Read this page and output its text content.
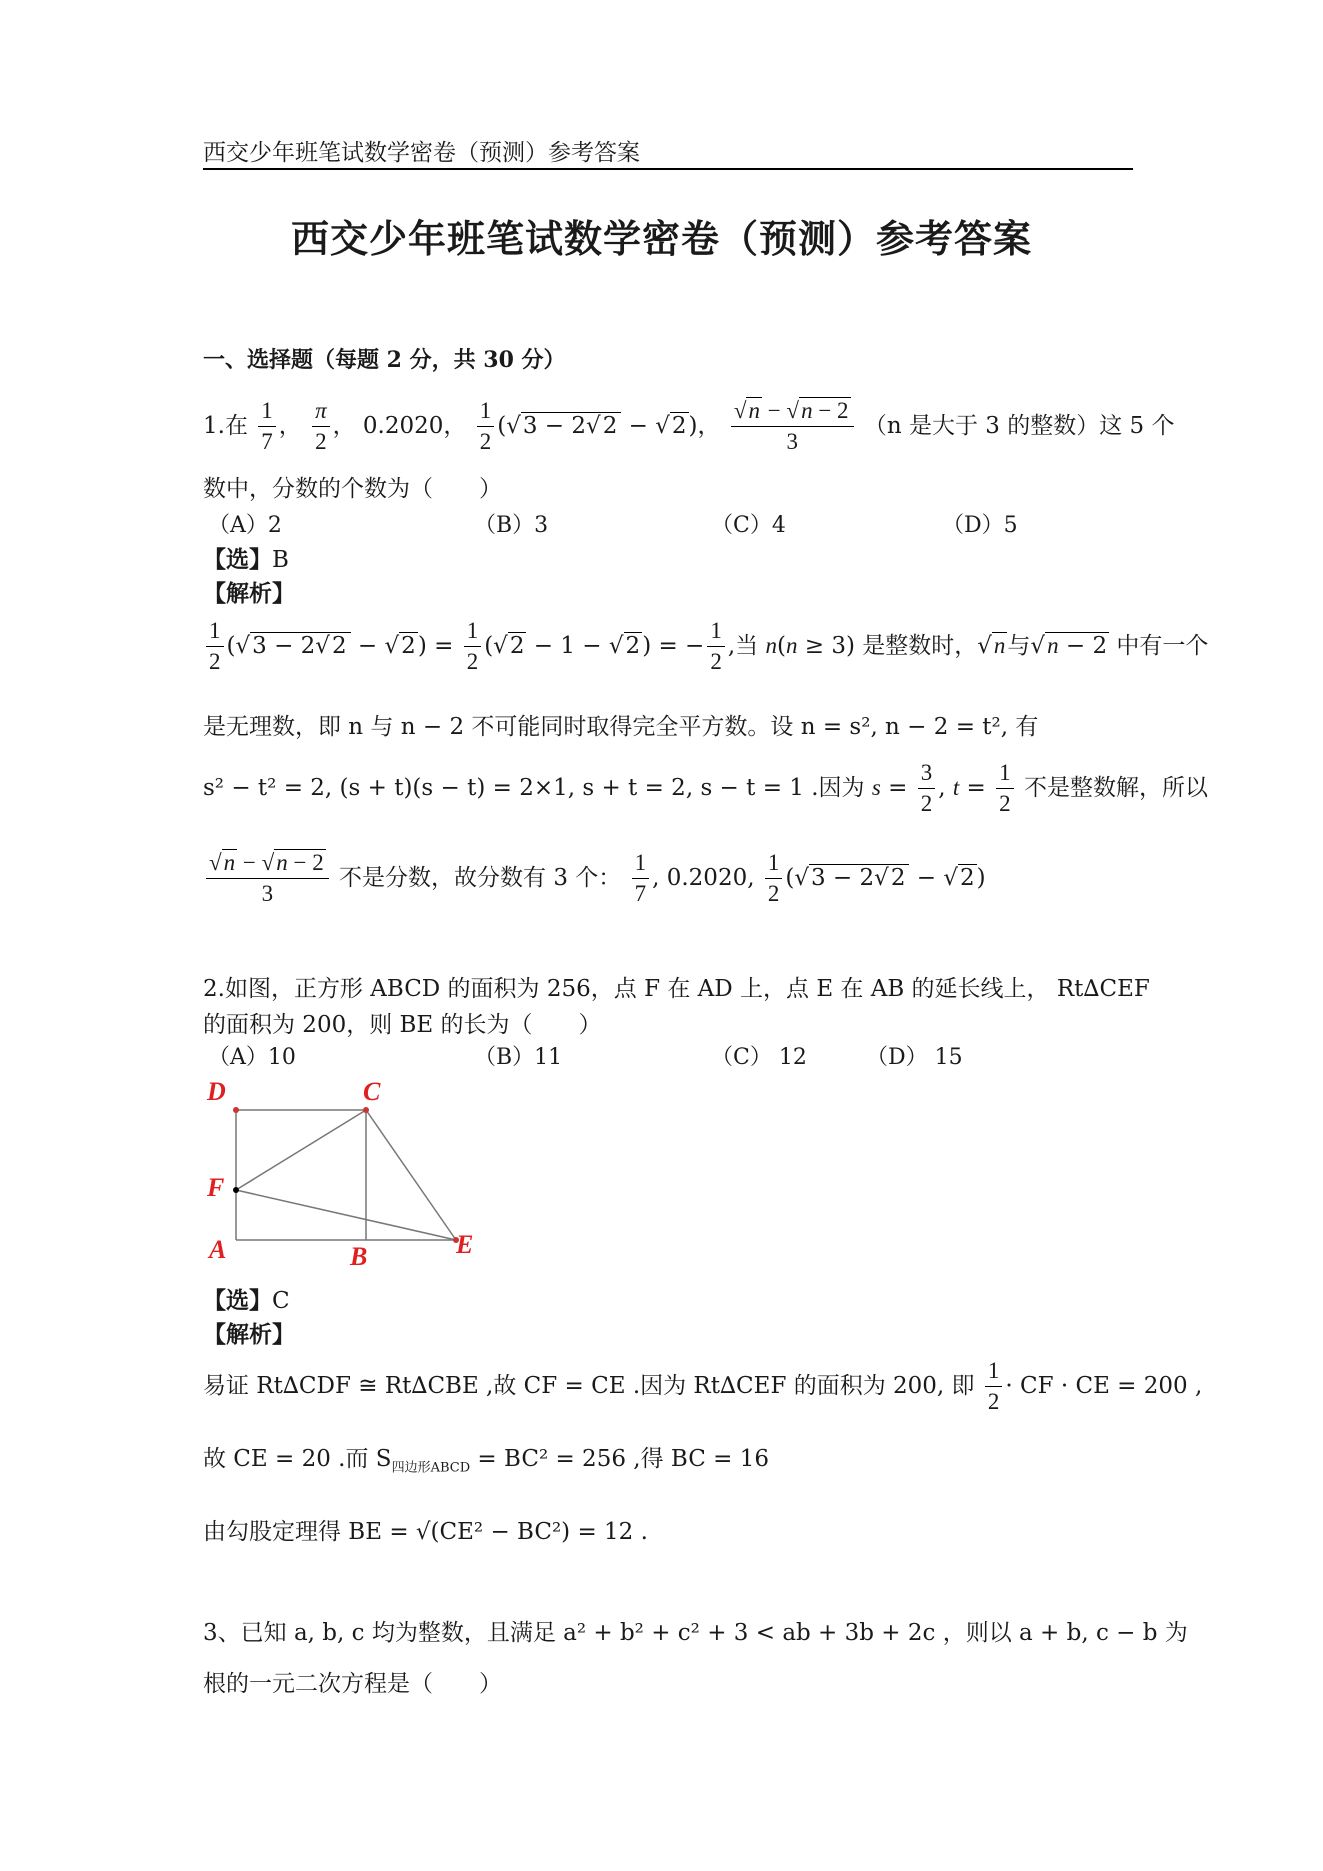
西交少年班笔试数学密卷（预测）参考答案
西交少年班笔试数学密卷（预测）参考答案
一、选择题（每题 2 分，共 30 分）
1.在 $\frac{1}{7}$ ， $\frac{\pi}{2}$ ， 0.2020， $\frac{1}{2} (√3 - 2√2 - √2)$， $\frac{√n - √n - 2}{3} (n$ 是大于 3 的整数）这 5 个
数中，分数的个数为（　　）
（A）2	（B）3	（C）4	（D）5
【选】B
【解析】
$\frac{1}{2} (√3 - 2√2 - √2) = \frac{1}{2} (√2 - 1 - √2)$ = − $\frac{1}{2}$ ,当 n(n ≥ 3) 是整数时，√n与√n − 2 中有一个
是无理数，即 n 与 n − 2 不可能同时取得完全平方数。设 n = s², n − 2 = t², 有
s² − t² = 2, (s + t)(s − t) = 2×1, s + t = 2, s − t = 1 .因为 $s = \frac{3}{2}$ , $t = \frac{1}{2}$ 不是整数解，所以
$\frac{√n - √n - 2}{3}$ 不是分数，故分数有 3 个： $\frac{1}{7}$ , 0.2020, $\frac{1}{2} (√3 - 2√2 - √2)$
2.如图，正方形 ABCD 的面积为 256，点 F 在 AD 上，点 E 在 AB 的延长线上， Rt∆CEF
的面积为 200，则 BE 的长为（　　）
（A）10	（B）11	（C） 12	（D） 15
D	C
F
A	B	E
【选】C
【解析】
易证 Rt∆CDF ≅ Rt∆CBE ,故 CF = CE .因为 Rt∆CEF 的面积为 200, 即 $\frac{1}{2}$ · CF · CE = 200 ,
故 CE = 20 .而 $S_{四边形ABCD} = BC^2 = 256$ ,得 BC = 16
由勾股定理得 BE = √(CE² − BC²) = 12 .
3、已知 a, b, c 均为整数，且满足 a² + b² + c² + 3 < ab + 3b + 2c ，则以 a + b, c − b 为
根的一元二次方程是（　　）
